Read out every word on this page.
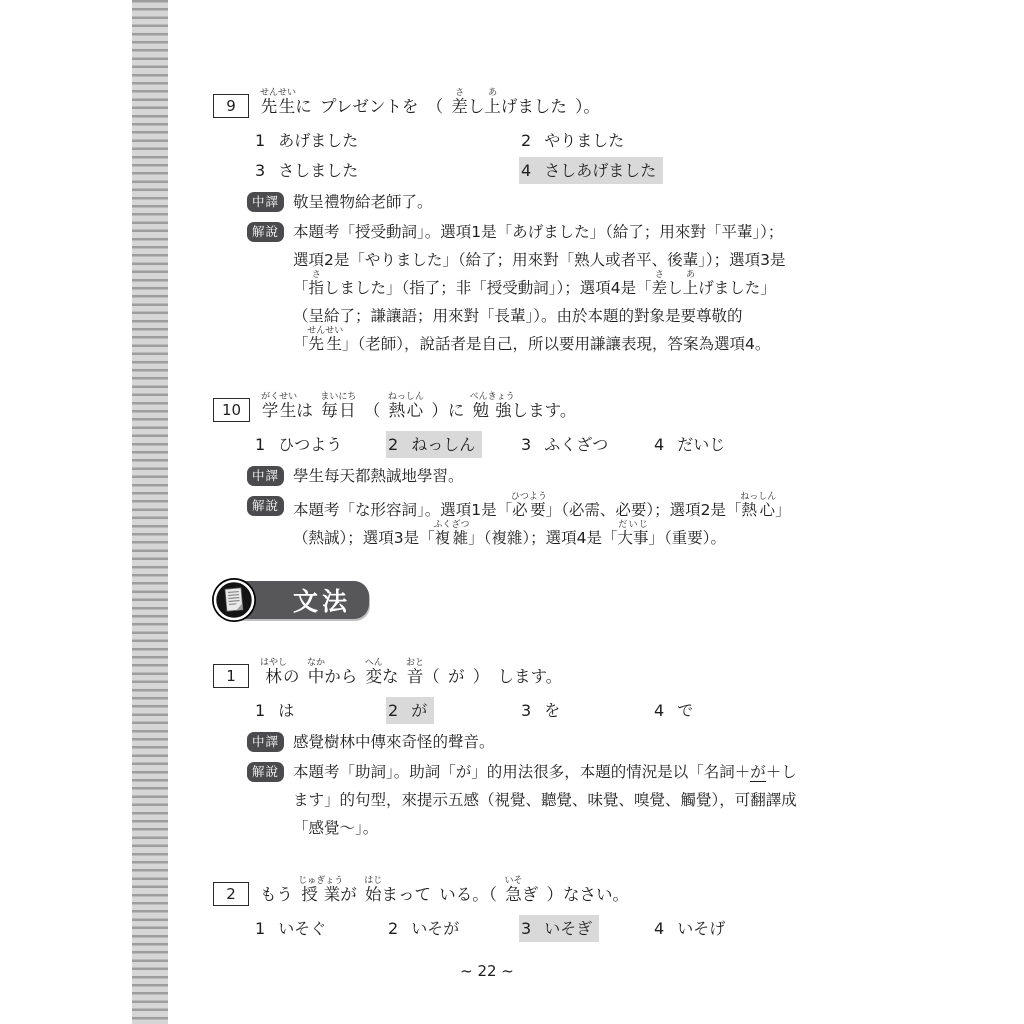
9	先生せんせいに プレゼントを （ 差さし上あげました ）。
1 あげました	2 やりました
3 さしました	4 さしあげました
中譯 敬呈禮物給老師了。
解說 本題考「授受動詞」。選項1是「あげました」（給了；用來對「平輩」）；選項2是「やりました」（給了；用來對「熟人或者平、後輩」）；選項3是「指さしました」（指了；非「授受動詞」）；選項4是「差さし上あげました」（呈給了；謙讓語；用來對「長輩」）。由於本題的對象是要尊敬的「先生せんせい」（老師），說話者是自己，所以要用謙讓表現，答案為選項4。
10	学生がくせいは 毎日まいにち （ 熱心ねっしん ）に 勉強べんきょうします。
1 ひつよう	2 ねっしん	3 ふくざつ	4 だいじ
中譯 學生每天都熱誠地學習。
解說 本題考「な形容詞」。選項1是「必要ひつよう」（必需、必要）；選項2是「熱ねっ心しん」（熱誠）；選項3是「複雑ふくざつ」（複雜）；選項4是「大事だいじ」（重要）。
文法
1	林はやしの 中なかから 変へんな 音おと（ が ） します。
1 は	2 が	3 を	4 で
中譯 感覺樹林中傳來奇怪的聲音。
解說 本題考「助詞」。助詞「が」的用法很多，本題的情況是以「名詞＋が＋します」的句型，來提示五感（視覺、聽覺、味覺、嗅覺、觸覺），可翻譯成「感覺～」。
2	もう 授業じゅぎょうが 始はじまって いる。（ 急いそぎ ）なさい。
1 いそぐ	2 いそが	3 いそぎ	4 いそげ
~ 22 ~
